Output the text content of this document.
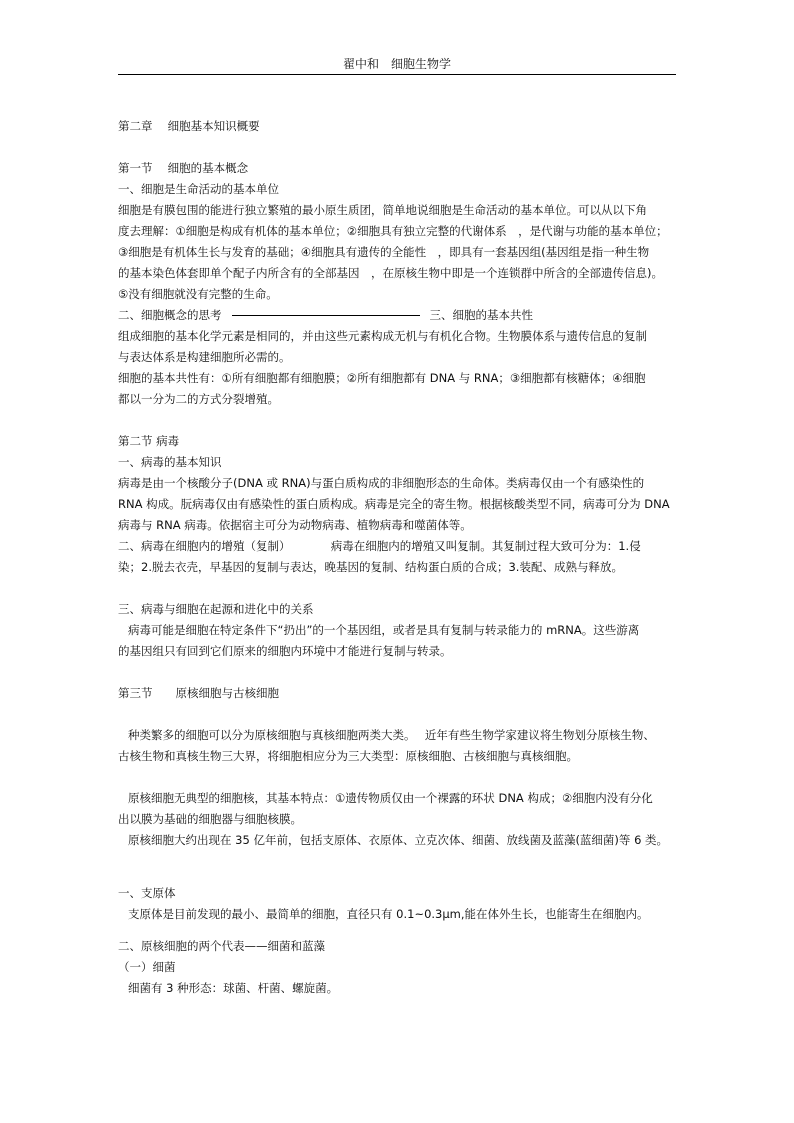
翟中和　细胞生物学
第二章　 细胞基本知识概要
第一节　 细胞的基本概念
一、细胞是生命活动的基本单位
细胞是有膜包围的能进行独立繁殖的最小原生质团，简单地说细胞是生命活动的基本单位。可以从以下角
度去理解：①细胞是构成有机体的基本单位；②细胞具有独立完整的代谢体系　，是代谢与功能的基本单位；
③细胞是有机体生长与发育的基础；④细胞具有遗传的全能性　，即具有一套基因组(基因组是指一种生物
的基本染色体套即单个配子内所含有的全部基因　，在原核生物中即是一个连锁群中所含的全部遗传信息)。
⑤没有细胞就没有完整的生命。
二、细胞概念的思考	三、细胞的基本共性
组成细胞的基本化学元素是相同的，并由这些元素构成无机与有机化合物。生物膜体系与遗传信息的复制
与表达体系是构建细胞所必需的。
细胞的基本共性有：①所有细胞都有细胞膜；②所有细胞都有 DNA 与 RNA；③细胞都有核糖体；④细胞
都以一分为二的方式分裂增殖。
第二节 病毒
一、病毒的基本知识
病毒是由一个核酸分子(DNA 或 RNA)与蛋白质构成的非细胞形态的生命体。类病毒仅由一个有感染性的
RNA 构成。朊病毒仅由有感染性的蛋白质构成。病毒是完全的寄生物。根据核酸类型不同，病毒可分为 DNA
病毒与 RNA 病毒。依据宿主可分为动物病毒、植物病毒和噬菌体等。
二、病毒在细胞内的增殖（复制）　　　　病毒在细胞内的增殖又叫复制。其复制过程大致可分为：1.侵
染；2.脱去衣壳，早基因的复制与表达，晚基因的复制、结构蛋白质的合成；3.装配、成熟与释放。
三、病毒与细胞在起源和进化中的关系
病毒可能是细胞在特定条件下“扔出”的一个基因组，或者是具有复制与转录能力的 mRNA。这些游离
的基因组只有回到它们原来的细胞内环境中才能进行复制与转录。
第三节　　原核细胞与古核细胞
种类繁多的细胞可以分为原核细胞与真核细胞两类大类。　 近年有些生物学家建议将生物划分原核生物、
古核生物和真核生物三大界，将细胞相应分为三大类型：原核细胞、古核细胞与真核细胞。
原核细胞无典型的细胞核，其基本特点：①遗传物质仅由一个裸露的环状 DNA 构成；②细胞内没有分化
出以膜为基础的细胞器与细胞核膜。
原核细胞大约出现在 35 亿年前，包括支原体、衣原体、立克次体、细菌、放线菌及蓝藻(蓝细菌)等 6 类。
一、支原体
支原体是目前发现的最小、最简单的细胞，直径只有 0.1~0.3μm,能在体外生长，也能寄生在细胞内。
二、原核细胞的两个代表——细菌和蓝藻
（一）细菌
细菌有 3 种形态：球菌、杆菌、螺旋菌。
